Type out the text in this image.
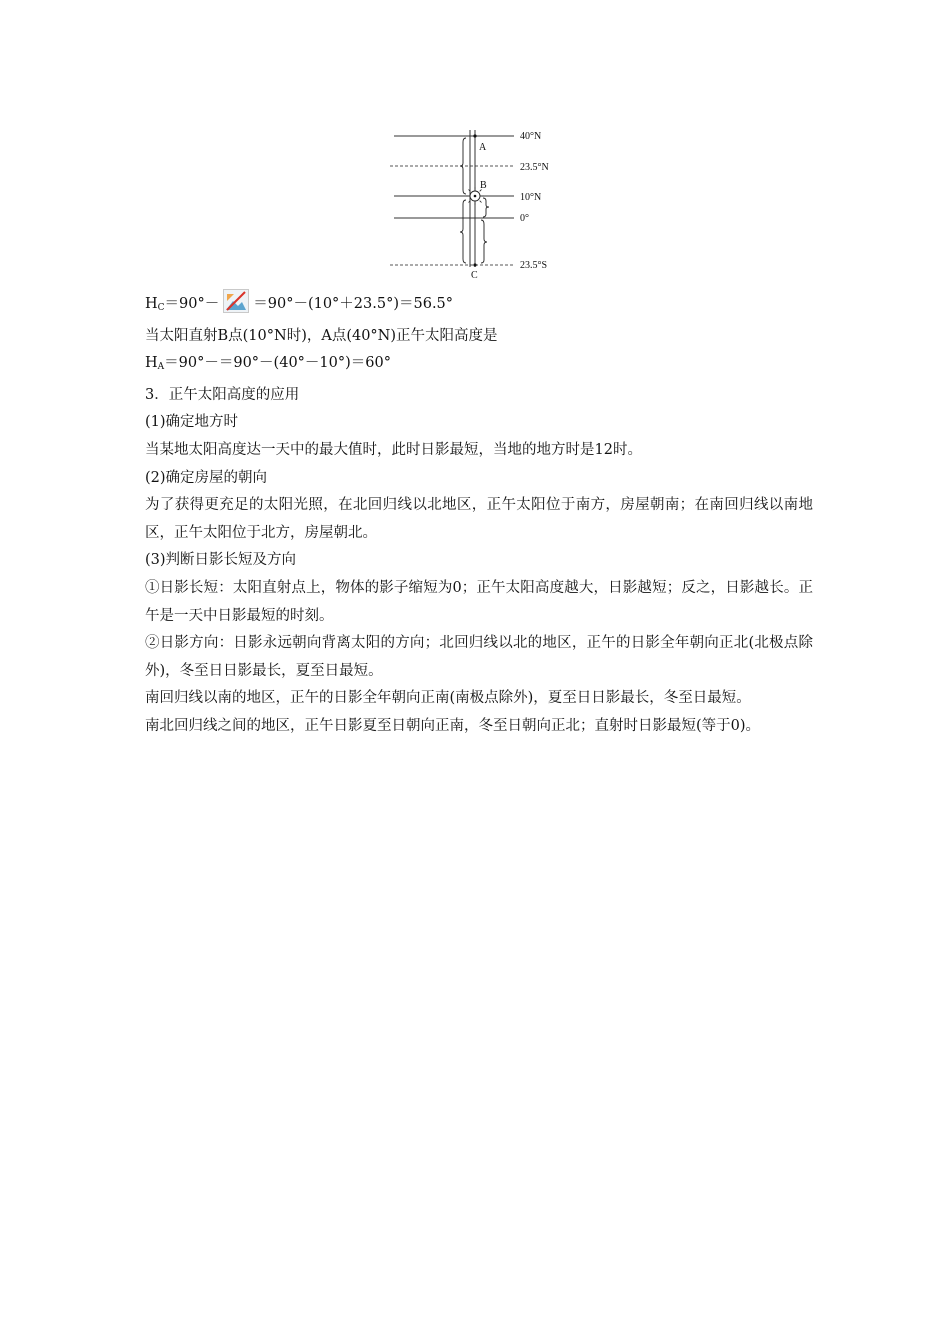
A
B
C
40°N
23.5°N
10°N
0°
23.5°S

$H_C=90^\circ- =90^\circ-(10^\circ+23.5^\circ)=56.5^\circ$

当太阳直射B点(10°N时)，A点(40°N)正午太阳高度是

$H_A=90^\circ-=90^\circ-(40^\circ-10^\circ)=60^\circ$

3．正午太阳高度的应用

(1)确定地方时

当某地太阳高度达一天中的最大值时，此时日影最短，当地的地方时是12时。

(2)确定房屋的朝向

为了获得更充足的太阳光照，在北回归线以北地区，正午太阳位于南方，房屋朝南；在南回归线以南地区，正午太阳位于北方，房屋朝北。

(3)判断日影长短及方向

①日影长短：太阳直射点上，物体的影子缩短为0；正午太阳高度越大，日影越短；反之，日影越长。正午是一天中日影最短的时刻。

②日影方向：日影永远朝向背离太阳的方向；北回归线以北的地区，正午的日影全年朝向正北(北极点除外)，冬至日日影最长，夏至日最短。

南回归线以南的地区，正午的日影全年朝向正南(南极点除外)，夏至日日影最长，冬至日最短。

南北回归线之间的地区，正午日影夏至日朝向正南，冬至日朝向正北；直射时日影最短(等于0)。
